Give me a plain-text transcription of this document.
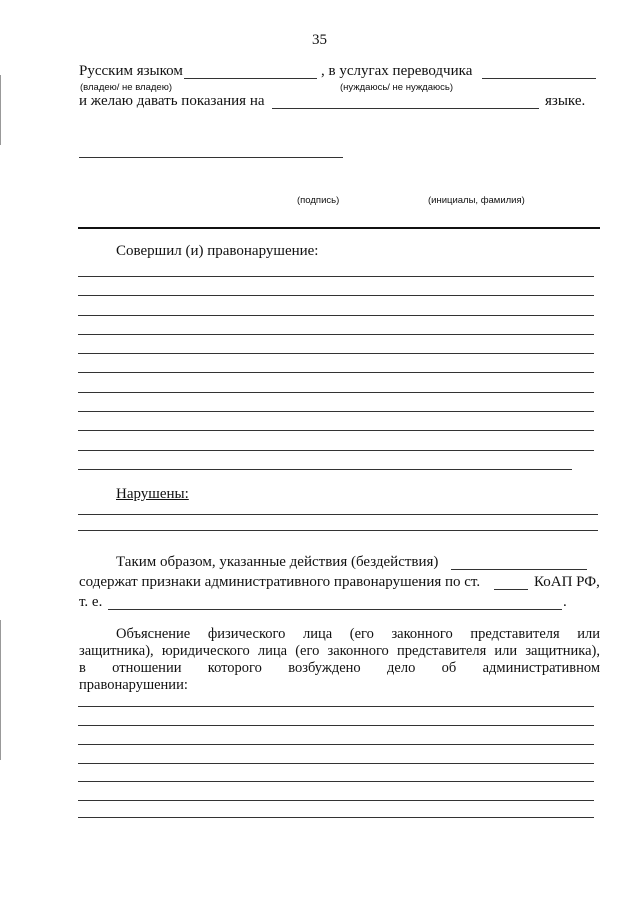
35
Русским языком	, в услугах переводчика
(владею/ не владею)	(нуждаюсь/ не нуждаюсь)
и желаю давать показания на	языке.
(подпись)	(инициалы, фамилия)
Совершил (и) правонарушение:
Нарушены:
Таким образом, указанные действия (бездействия)
содержат признаки административного правонарушения по ст.	КоАП РФ,
т. е.	.
Объяснение физического лица (его законного представителя или
защитника), юридического лица (его законного представителя или защитника),
в отношении которого возбуждено дело об административном
правонарушении:
